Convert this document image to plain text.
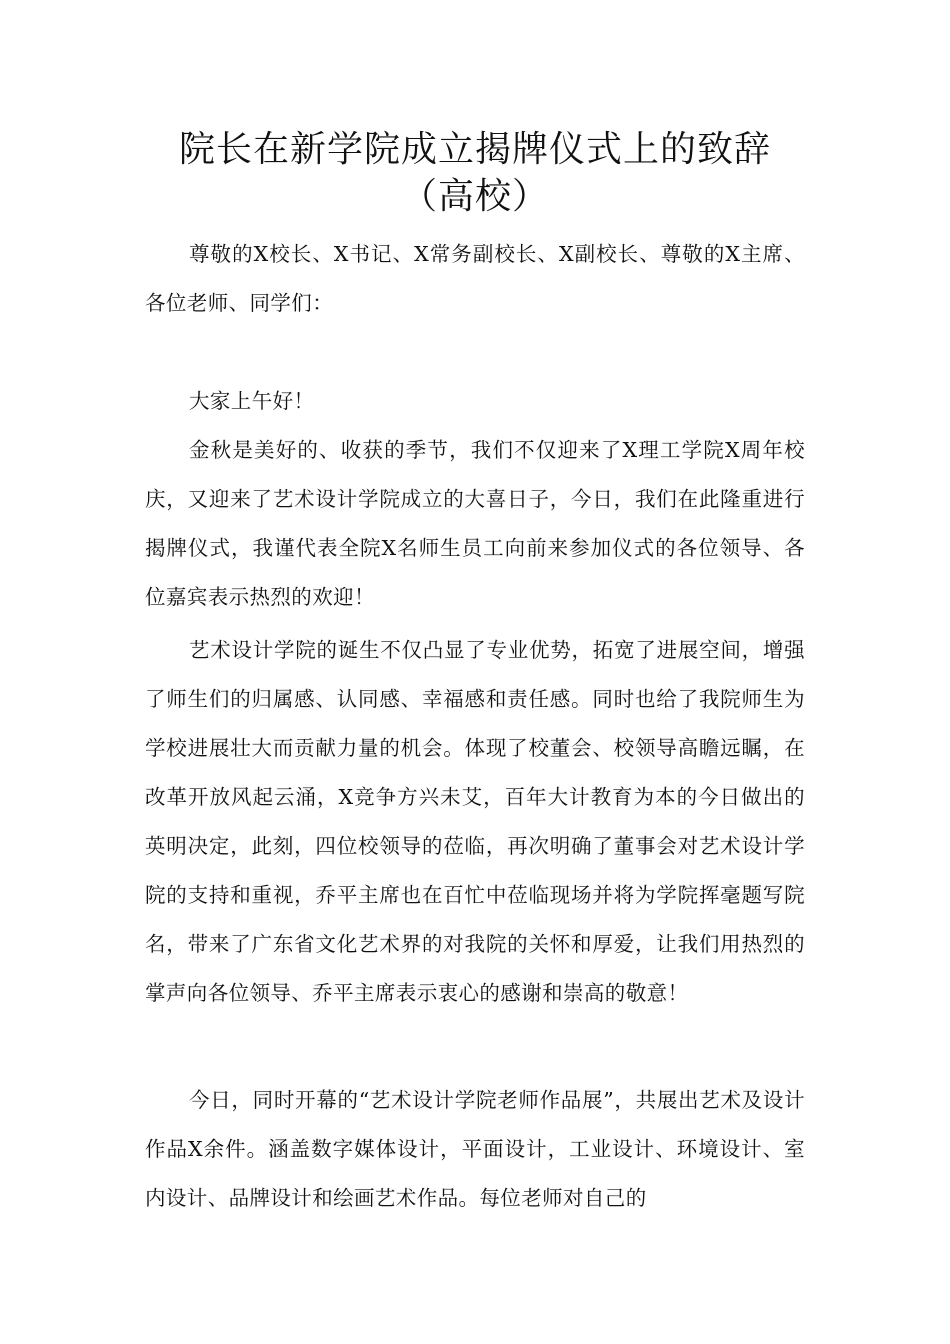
院长在新学院成立揭牌仪式上的致辞
（高校）

尊敬的X校长、X书记、X常务副校长、X副校长、尊敬的X主席、各位老师、同学们：

大家上午好！

金秋是美好的、收获的季节，我们不仅迎来了X理工学院X周年校庆，又迎来了艺术设计学院成立的大喜日子，今日，我们在此隆重进行揭牌仪式，我谨代表全院X名师生员工向前来参加仪式的各位领导、各位嘉宾表示热烈的欢迎！

艺术设计学院的诞生不仅凸显了专业优势，拓宽了进展空间，增强了师生们的归属感、认同感、幸福感和责任感。同时也给了我院师生为学校进展壮大而贡献力量的机会。体现了校董会、校领导高瞻远瞩，在改革开放风起云涌，X竞争方兴未艾，百年大计教育为本的今日做出的英明决定，此刻，四位校领导的莅临，再次明确了董事会对艺术设计学院的支持和重视，乔平主席也在百忙中莅临现场并将为学院挥毫题写院名，带来了广东省文化艺术界的对我院的关怀和厚爱，让我们用热烈的掌声向各位领导、乔平主席表示衷心的感谢和崇高的敬意！

今日，同时开幕的“艺术设计学院老师作品展”，共展出艺术及设计作品X余件。涵盖数字媒体设计，平面设计，工业设计、环境设计、室内设计、品牌设计和绘画艺术作品。每位老师对自己的
